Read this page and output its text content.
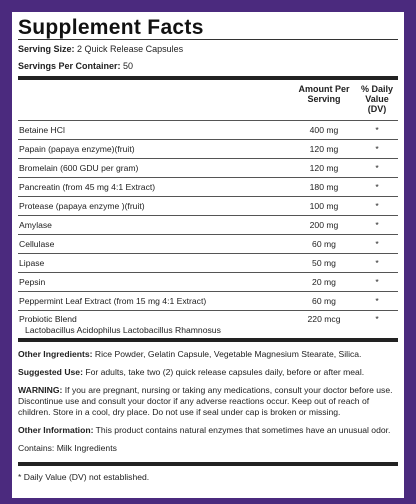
Supplement Facts
Serving Size: 2 Quick Release Capsules
Servings Per Container: 50
Amount Per Serving
% Daily Value (DV)
Betaine HCl	400 mg	*
Papain (papaya enzyme)(fruit)	120 mg	*
Bromelain (600 GDU per gram)	120 mg	*
Pancreatin (from 45 mg 4:1 Extract)	180 mg	*
Protease (papaya enzyme )(fruit)	100 mg	*
Amylase	200 mg	*
Cellulase	60 mg	*
Lipase	50 mg	*
Pepsin	20 mg	*
Peppermint Leaf Extract (from 15 mg 4:1 Extract)	60 mg	*
Probiotic Blend
Lactobacillus Acidophilus Lactobacillus Rhamnosus
220 mcg	*
Other Ingredients: Rice Powder, Gelatin Capsule, Vegetable Magnesium Stearate, Silica.
Suggested Use: For adults, take two (2) quick release capsules daily, before or after meal.
WARNING: If you are pregnant, nursing or taking any medications, consult your doctor before use. Discontinue use and consult your doctor if any adverse reactions occur. Keep out of reach of children. Store in a cool, dry place. Do not use if seal under cap is broken or missing.
Other Information: This product contains natural enzymes that sometimes have an unusual odor.
Contains: Milk Ingredients
* Daily Value (DV) not established.
